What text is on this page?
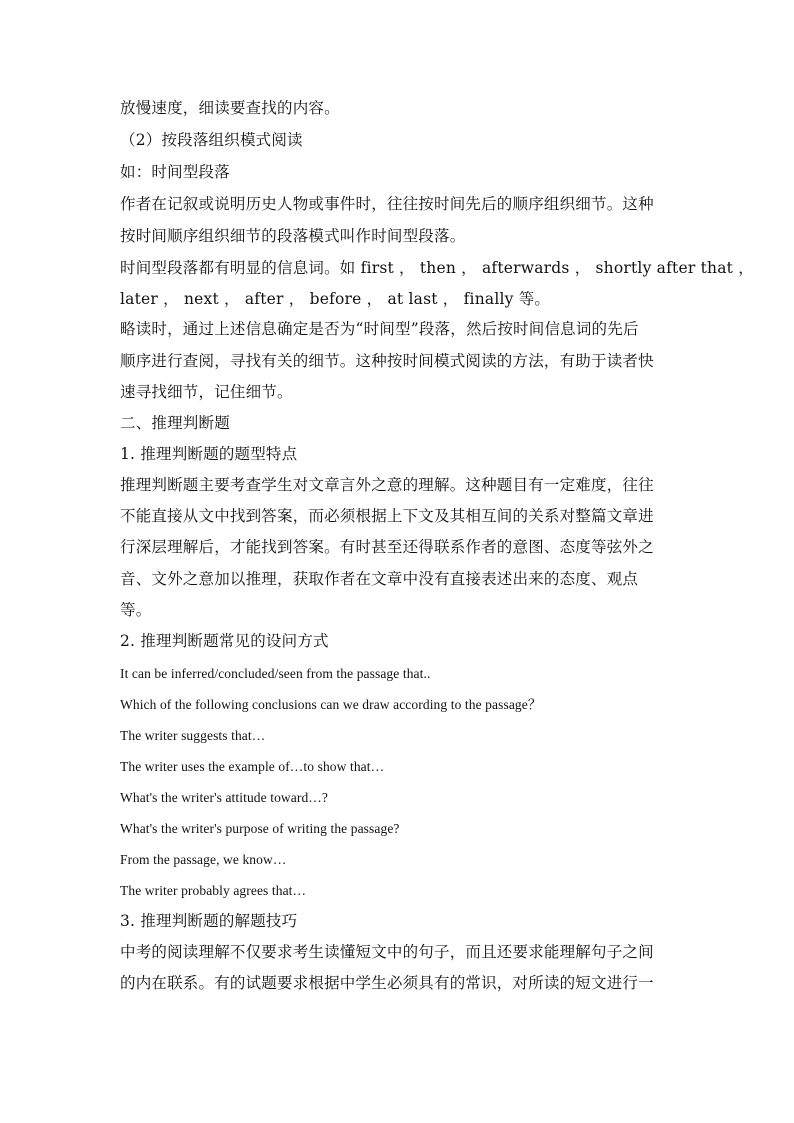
放慢速度，细读要查找的内容。
（2）按段落组织模式阅读
如：时间型段落
作者在记叙或说明历史人物或事件时，往往按时间先后的顺序组织细节。这种
按时间顺序组织细节的段落模式叫作时间型段落。
时间型段落都有明显的信息词。如 first ， then ， afterwards ， shortly after that ，
later ， next ， after ， before ， at last ， finally 等。
略读时，通过上述信息确定是否为“时间型”段落，然后按时间信息词的先后
顺序进行查阅，寻找有关的细节。这种按时间模式阅读的方法，有助于读者快
速寻找细节，记住细节。
二、推理判断题
1. 推理判断题的题型特点
推理判断题主要考查学生对文章言外之意的理解。这种题目有一定难度，往往
不能直接从文中找到答案，而必须根据上下文及其相互间的关系对整篇文章进
行深层理解后，才能找到答案。有时甚至还得联系作者的意图、态度等弦外之
音、文外之意加以推理，获取作者在文章中没有直接表述出来的态度、观点
等。
2. 推理判断题常见的设问方式
It can be inferred/concluded/seen from the passage that..
Which of the following conclusions can we draw according to the passage？
The writer suggests that…
The writer uses the example of…to show that…
What's the writer's attitude toward…?
What's the writer's purpose of writing the passage?
From the passage, we know…
The writer probably agrees that…
3. 推理判断题的解题技巧
中考的阅读理解不仅要求考生读懂短文中的句子，而且还要求能理解句子之间
的内在联系。有的试题要求根据中学生必须具有的常识，对所读的短文进行一
